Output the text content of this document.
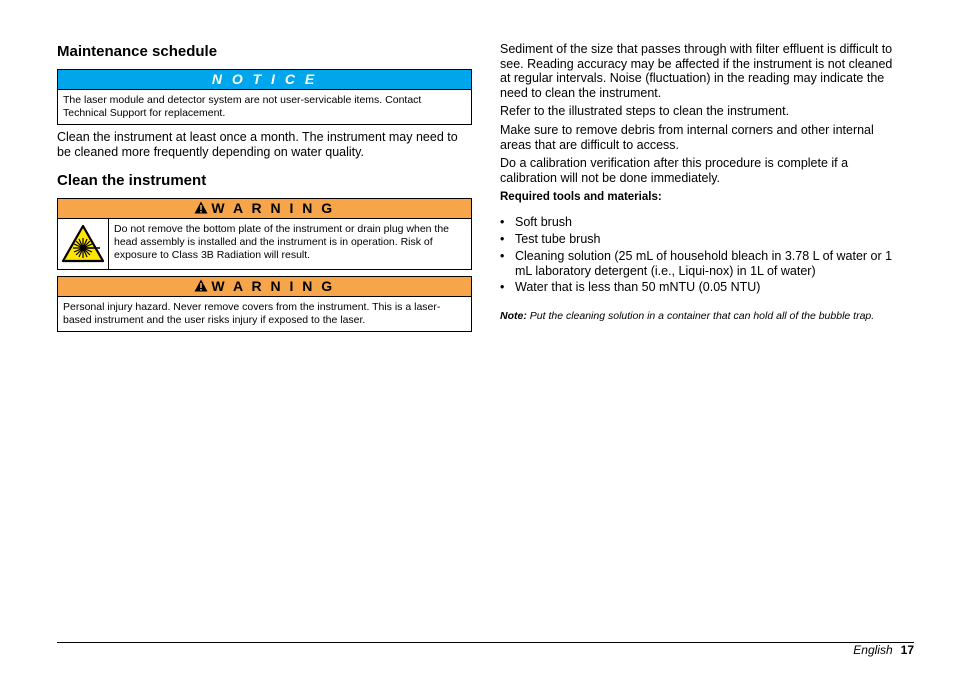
Maintenance schedule
N O T I C E
The laser module and detector system are not user-servicable items. Contact Technical Support for replacement.

Clean the instrument at least once a month. The instrument may need to be cleaned more frequently depending on water quality.

Clean the instrument
W A R N I N G
Do not remove the bottom plate of the instrument or drain plug when the head assembly is installed and the instrument is in operation. Risk of exposure to Class 3B Radiation will result.
W A R N I N G
Personal injury hazard. Never remove covers from the instrument. This is a laser-based instrument and the user risks injury if exposed to the laser.

Sediment of the size that passes through with filter effluent is difficult to see. Reading accuracy may be affected if the instrument is not cleaned at regular intervals. Noise (fluctuation) in the reading may indicate the need to clean the instrument.

Refer to the illustrated steps to clean the instrument.

Make sure to remove debris from internal corners and other internal areas that are difficult to access.

Do a calibration verification after this procedure is complete if a calibration will not be done immediately.

Required tools and materials:

• Soft brush
• Test tube brush
• Cleaning solution (25 mL of household bleach in 3.78 L of water or 1 mL laboratory detergent (i.e., Liqui-nox) in 1L of water)
• Water that is less than 50 mNTU (0.05 NTU)

Note: Put the cleaning solution in a container that can hold all of the bubble trap.

English 17
